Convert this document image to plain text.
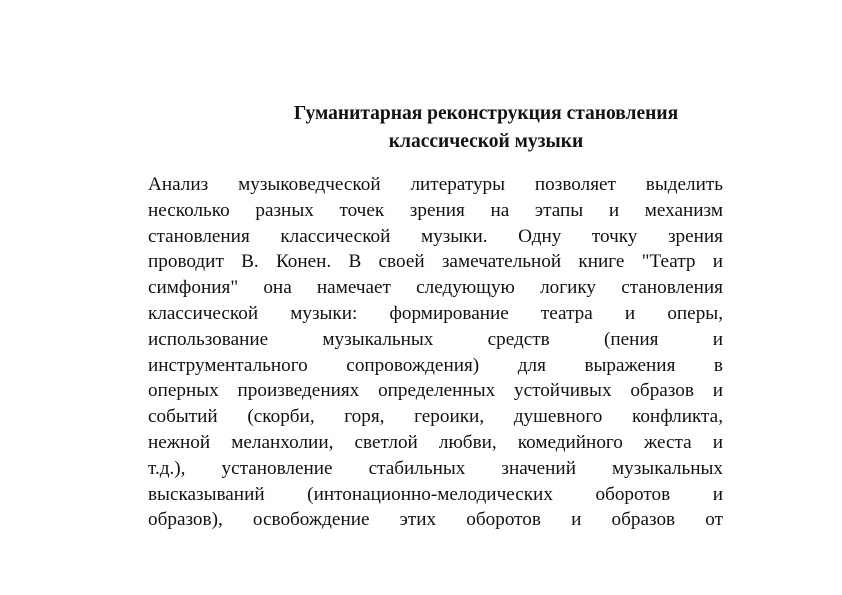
Гуманитарная реконструкция становления
классической музыки
Анализ музыковедческой литературы позволяет выделить
несколько разных точек зрения на этапы и механизм
становления классической музыки. Одну точку зрения
проводит В. Конен. В своей замечательной книге "Театр и
симфония" она намечает следующую логику становления
классической музыки: формирование театра и оперы,
использование музыкальных средств (пения и
инструментального сопровождения) для выражения в
оперных произведениях определенных устойчивых образов и
событий (скорби, горя, героики, душевного конфликта,
нежной меланхолии, светлой любви, комедийного жеста и
т.д.), установление стабильных значений музыкальных
высказываний (интонационно-мелодических оборотов и
образов), освобождение этих оборотов и образов от
